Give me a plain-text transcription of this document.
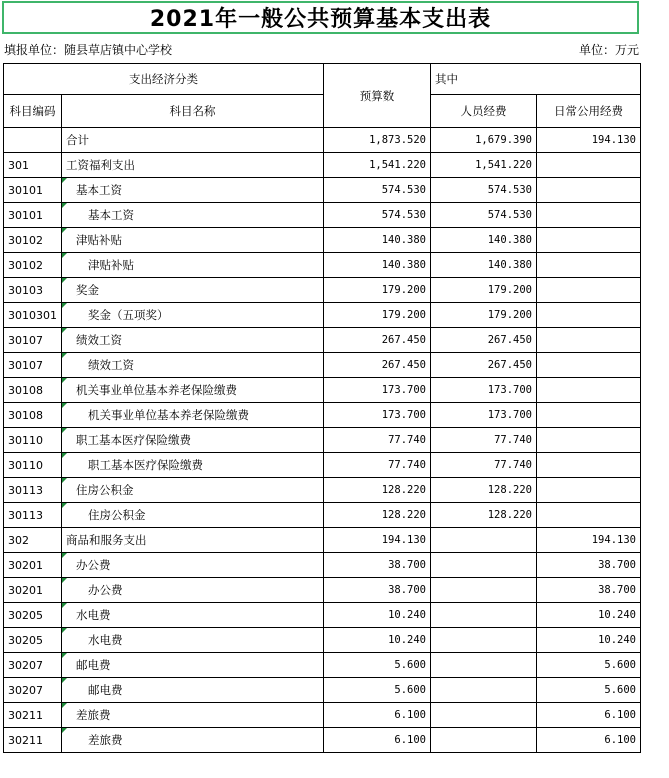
2021年一般公共预算基本支出表
填报单位：随县草店镇中心学校	单位：万元
支出经济分类		预算数	其中	
科目编码	科目名称		人员经费	日常公用经费
	合计	1,873.520	1,679.390	194.130
301	工资福利支出	1,541.220	1,541.220	
30101	基本工资	574.530	574.530	
30101	基本工资	574.530	574.530	
30102	津贴补贴	140.380	140.380	
30102	津贴补贴	140.380	140.380	
30103	奖金	179.200	179.200	
3010301	奖金（五项奖）	179.200	179.200	
30107	绩效工资	267.450	267.450	
30107	绩效工资	267.450	267.450	
30108	机关事业单位基本养老保险缴费	173.700	173.700	
30108	机关事业单位基本养老保险缴费	173.700	173.700	
30110	职工基本医疗保险缴费	77.740	77.740	
30110	职工基本医疗保险缴费	77.740	77.740	
30113	住房公积金	128.220	128.220	
30113	住房公积金	128.220	128.220	
302	商品和服务支出	194.130		194.130
30201	办公费	38.700		38.700
30201	办公费	38.700		38.700
30205	水电费	10.240		10.240
30205	水电费	10.240		10.240
30207	邮电费	5.600		5.600
30207	邮电费	5.600		5.600
30211	差旅费	6.100		6.100
30211	差旅费	6.100		6.100
